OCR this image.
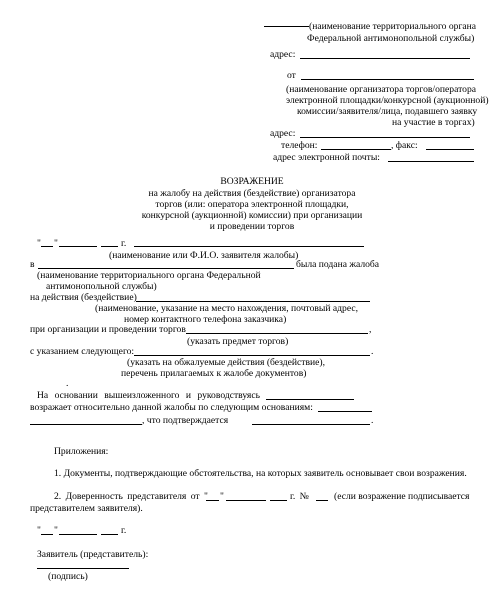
(наименование территориального органа
Федеральной антимонопольной службы)
адрес:
от
(наименование организатора торгов/оператора
электронной площадки/конкурсной (аукционной)
комиссии/заявителя/лица, подавшего заявку
на участие в торгах)
адрес:
телефон:	, факс:
адрес электронной почты:
ВОЗРАЖЕНИЕ
на жалобу на действия (бездействие) организатора
торгов (или: оператора электронной площадки,
конкурсной (аукционной) комиссии) при организации
и проведении торгов
" "	г.
(наименование или Ф.И.О. заявителя жалобы)
в	была подана жалоба
(наименование территориального органа Федеральной
антимонопольной службы)
на действия (бездействие)
(наименование, указание на место нахождения, почтовый адрес,
номер контактного телефона заказчика)
при организации и проведении торгов	,
(указать предмет торгов)
с указанием следующего:	.
(указать на обжалуемые действия (бездействие),
перечень прилагаемых к жалобе документов)
.
На основании вышеизложенного и руководствуясь
возражает относительно данной жалобы по следующим основаниям:
, что подтверждается	.
Приложения:
1. Документы, подтверждающие обстоятельства, на которых заявитель основывает свои возражения.
2. Доверенность представителя от " "	г. №	(если возражение подписывается
представителем заявителя).
" "	г.
Заявитель (представитель):
(подпись)
